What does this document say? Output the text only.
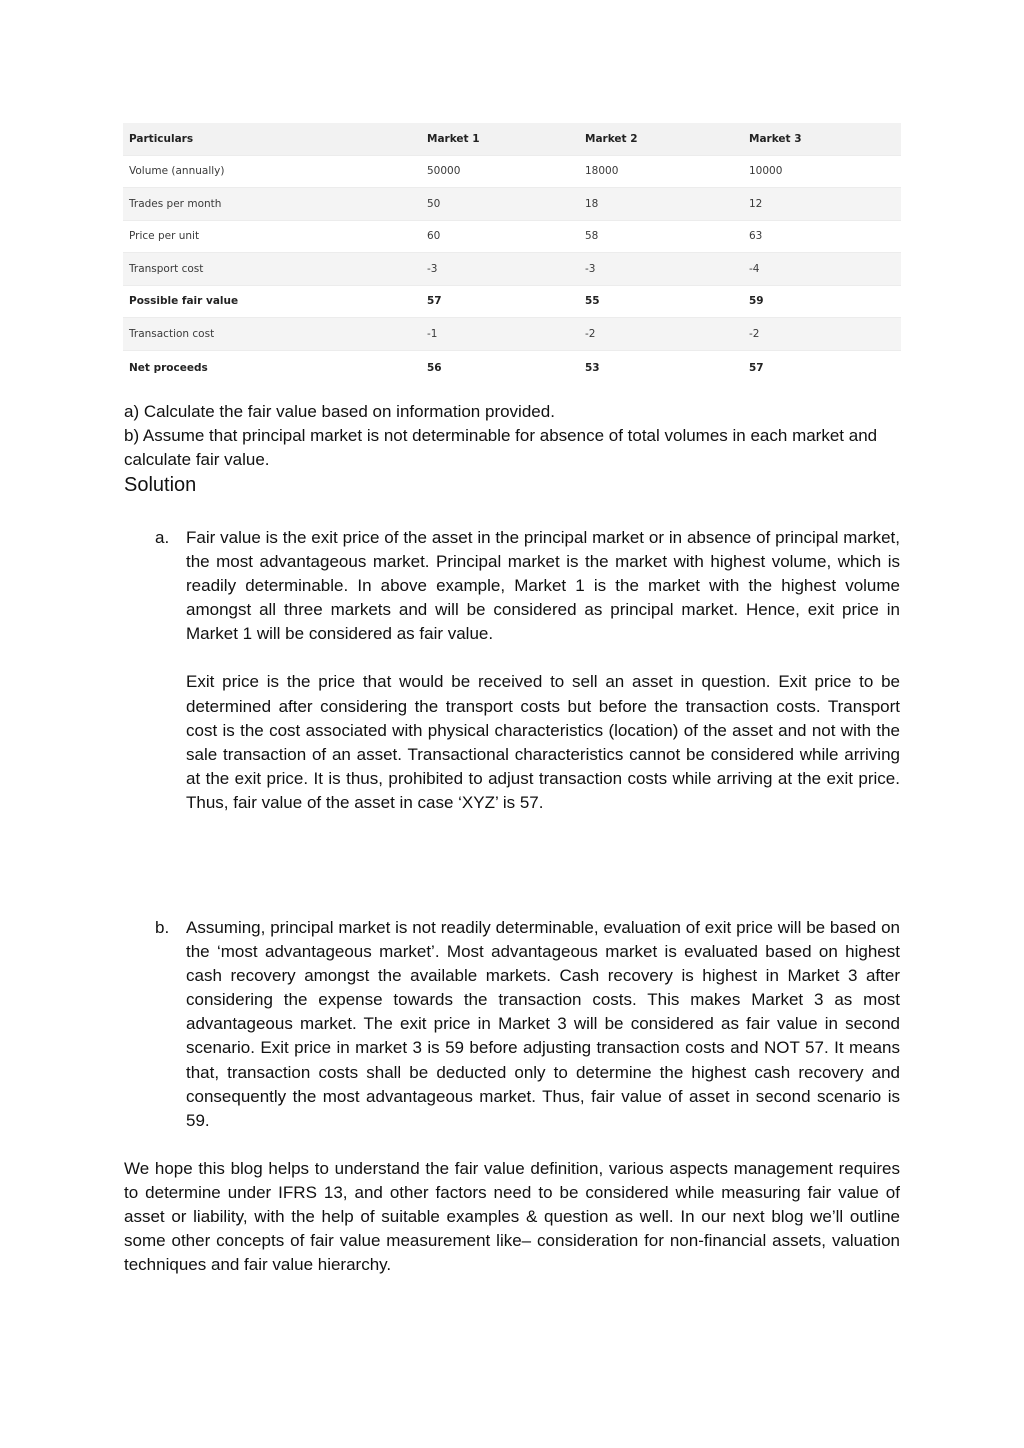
Particulars	Market 1	Market 2	Market 3
Volume (annually)	50000	18000	10000
Trades per month	50	18	12
Price per unit	60	58	63
Transport cost	-3	-3	-4
Possible fair value	57	55	59
Transaction cost	-1	-2	-2
Net proceeds	56	53	57

a) Calculate the fair value based on information provided.

b) Assume that principal market is not determinable for absence of total volumes in each market and calculate fair value.

Solution
a. Fair value is the exit price of the asset in the principal market or in absence of principal market, the most advantageous market. Principal market is the market with highest volume, which is readily determinable. In above example, Market 1 is the market with the highest volume amongst all three markets and will be considered as principal market. Hence, exit price in Market 1 will be considered as fair value.

Exit price is the price that would be received to sell an asset in question. Exit price to be determined after considering the transport costs but before the transaction costs. Transport cost is the cost associated with physical characteristics (location) of the asset and not with the sale transaction of an asset. Transactional characteristics cannot be considered while arriving at the exit price. It is thus, prohibited to adjust transaction costs while arriving at the exit price. Thus, fair value of the asset in case ‘XYZ’ is 57.

b. Assuming, principal market is not readily determinable, evaluation of exit price will be based on the ‘most advantageous market’. Most advantageous market is evaluated based on highest cash recovery amongst the available markets. Cash recovery is highest in Market 3 after considering the expense towards the transaction costs. This makes Market 3 as most advantageous market. The exit price in Market 3 will be considered as fair value in second scenario. Exit price in market 3 is 59 before adjusting transaction costs and NOT 57. It means that, transaction costs shall be deducted only to determine the highest cash recovery and consequently the most advantageous market. Thus, fair value of asset in second scenario is 59.

We hope this blog helps to understand the fair value definition, various aspects management requires to determine under IFRS 13, and other factors need to be considered while measuring fair value of asset or liability, with the help of suitable examples & question as well. In our next blog we’ll outline some other concepts of fair value measurement like– consideration for non-financial assets, valuation techniques and fair value hierarchy.
